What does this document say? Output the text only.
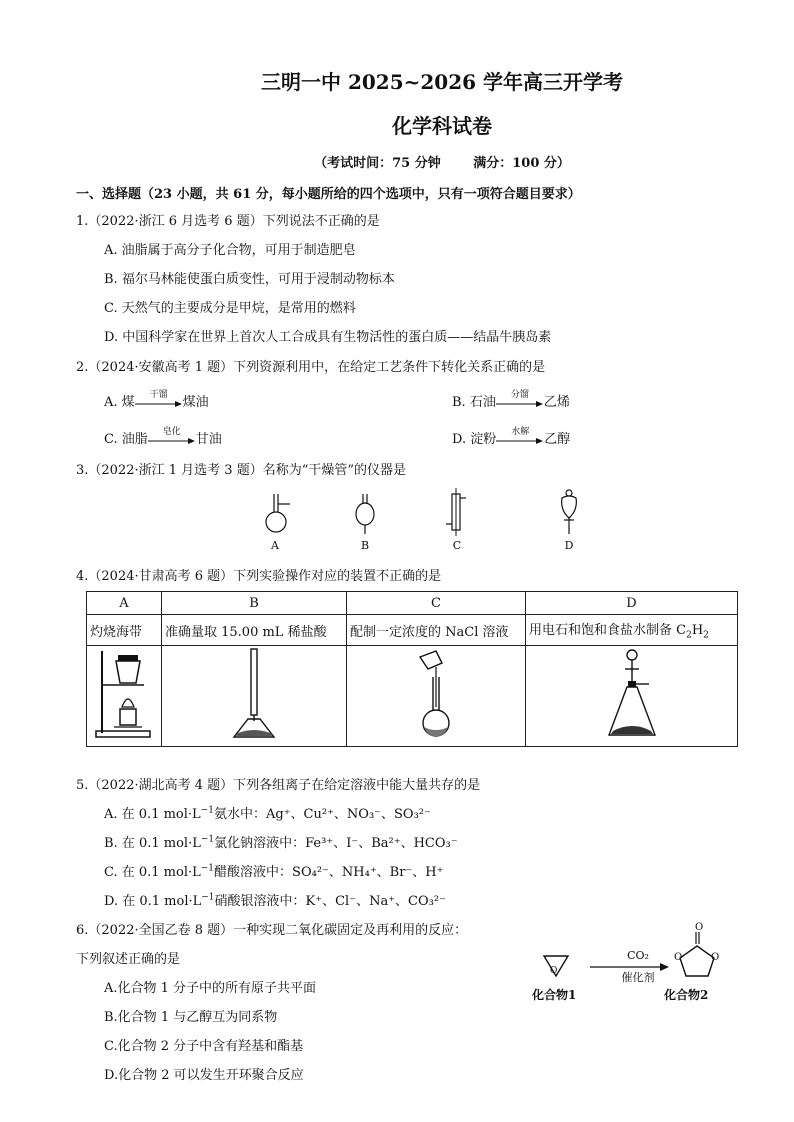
三明一中 2025~2026 学年高三开学考
化学科试卷
（考试时间：75 分钟	满分：100 分）
一、选择题（23 小题，共 61 分，每小题所给的四个选项中，只有一项符合题目要求）
1.（2022·浙江 6 月选考 6 题）下列说法不正确的是
A. 油脂属于高分子化合物，可用于制造肥皂
B. 福尔马林能使蛋白质变性，可用于浸制动物标本
C. 天然气的主要成分是甲烷，是常用的燃料
D. 中国科学家在世界上首次人工合成具有生物活性的蛋白质——结晶牛胰岛素
2.（2024·安徽高考 1 题）下列资源利用中，在给定工艺条件下转化关系正确的是
A. 煤
干馏
煤油	B. 石油
分馏
乙烯
C. 油脂
皂化
甘油	D. 淀粉
水解
乙醇
3.（2022·浙江 1 月选考 3 题）名称为“干燥管”的仪器是
A	B	C	D
4.（2024·甘肃高考 6 题）下列实验操作对应的装置不正确的是
A	B	C	D
灼烧海带	准确量取 15.00 mL 稀盐酸	配制一定浓度的 NaCl 溶液	用电石和饱和食盐水制备 $C_2H_2$

5.（2022·湖北高考 4 题）下列各组离子在给定溶液中能大量共存的是
A. 在 0.1 $mol\cdot L^{-1}$氨水中：Ag⁺、Cu²⁺、NO₃⁻、SO₃²⁻
B. 在 0.1 $mol\cdot L^{-1}$氯化钠溶液中：Fe³⁺、I⁻、Ba²⁺、HCO₃⁻
C. 在 0.1 $mol\cdot L^{-1}$醋酸溶液中：SO₄²⁻、NH₄⁺、Br⁻、H⁺
D. 在 0.1 $mol\cdot L^{-1}$硝酸银溶液中：K⁺、Cl⁻、Na⁺、CO₃²⁻
6.（2022·全国乙卷 8 题）一种实现二氧化碳固定及再利用的反应：
下列叙述正确的是
A.化合物 1 分子中的所有原子共平面
B.化合物 1 与乙醇互为同系物
C.化合物 2 分子中含有羟基和酯基
D.化合物 2 可以发生开环聚合反应
O
化合物1
CO₂
催化剂
O
O	O
化合物2
